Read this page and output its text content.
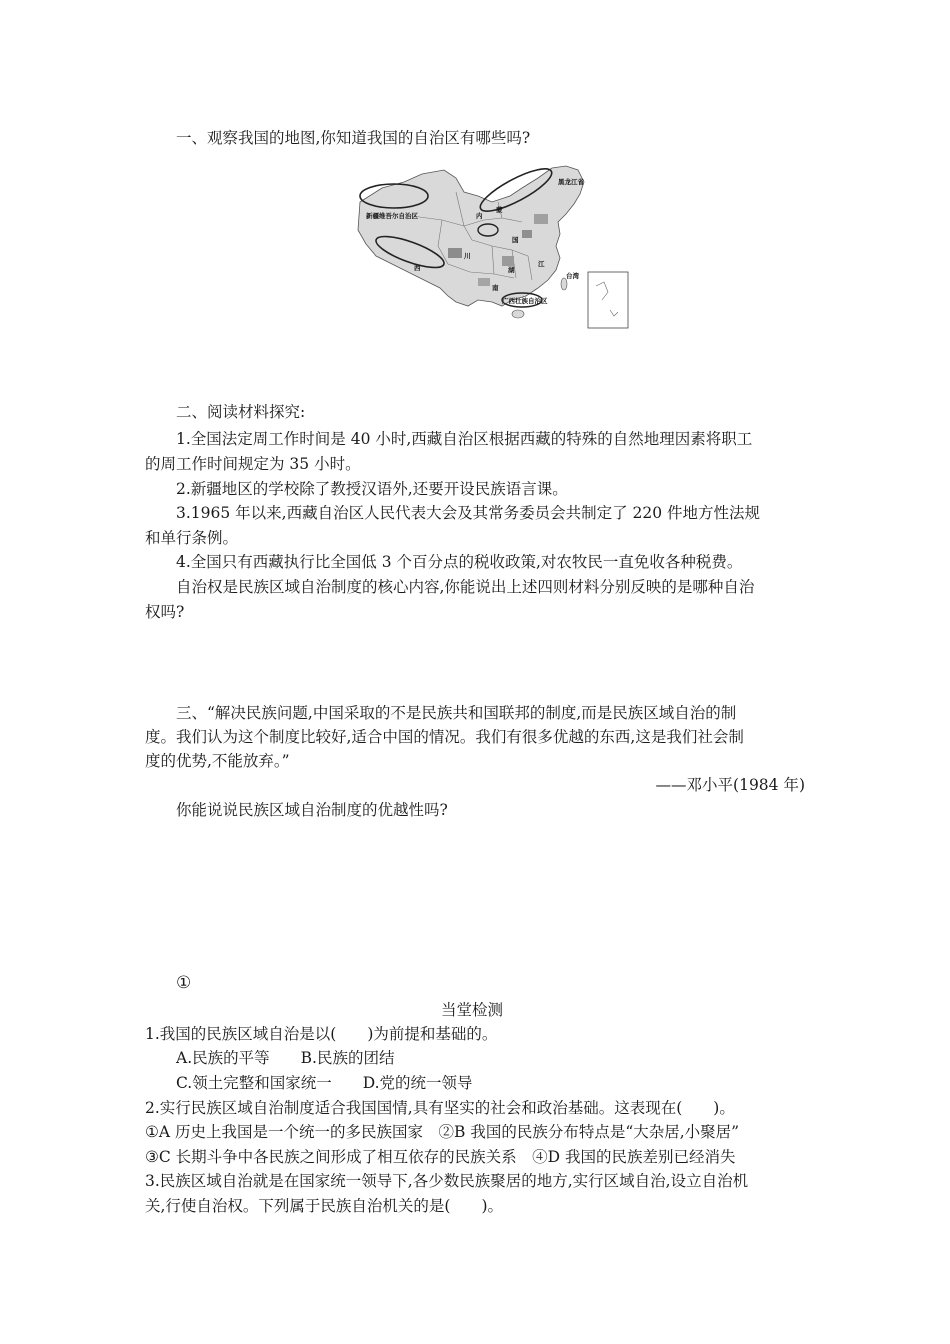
一、观察我国的地图,你知道我国的自治区有哪些吗?
新疆维吾尔自治区
黑龙江省
内
蒙
西
川
国
江
湖
南
广西壮族自治区
台湾
二、阅读材料探究:
1.全国法定周工作时间是 40 小时,西藏自治区根据西藏的特殊的自然地理因素将职工
的周工作时间规定为 35 小时。
2.新疆地区的学校除了教授汉语外,还要开设民族语言课。
3.1965 年以来,西藏自治区人民代表大会及其常务委员会共制定了 220 件地方性法规
和单行条例。
4.全国只有西藏执行比全国低 3 个百分点的税收政策,对农牧民一直免收各种税费。
自治权是民族区域自治制度的核心内容,你能说出上述四则材料分别反映的是哪种自治
权吗?
三、“解决民族问题,中国采取的不是民族共和国联邦的制度,而是民族区域自治的制
度。我们认为这个制度比较好,适合中国的情况。我们有很多优越的东西,这是我们社会制
度的优势,不能放弃。”
——邓小平(1984 年)
你能说说民族区域自治制度的优越性吗?
①
当堂检测
1.我国的民族区域自治是以(　　)为前提和基础的。
A.民族的平等　　B.民族的团结
C.领土完整和国家统一　　D.党的统一领导
2.实行民族区域自治制度适合我国国情,具有坚实的社会和政治基础。这表现在(　　)。
①A 历史上我国是一个统一的多民族国家　②B 我国的民族分布特点是“大杂居,小聚居”
③C 长期斗争中各民族之间形成了相互依存的民族关系　④D 我国的民族差别已经消失
3.民族区域自治就是在国家统一领导下,各少数民族聚居的地方,实行区域自治,设立自治机
关,行使自治权。下列属于民族自治机关的是(　　)。
